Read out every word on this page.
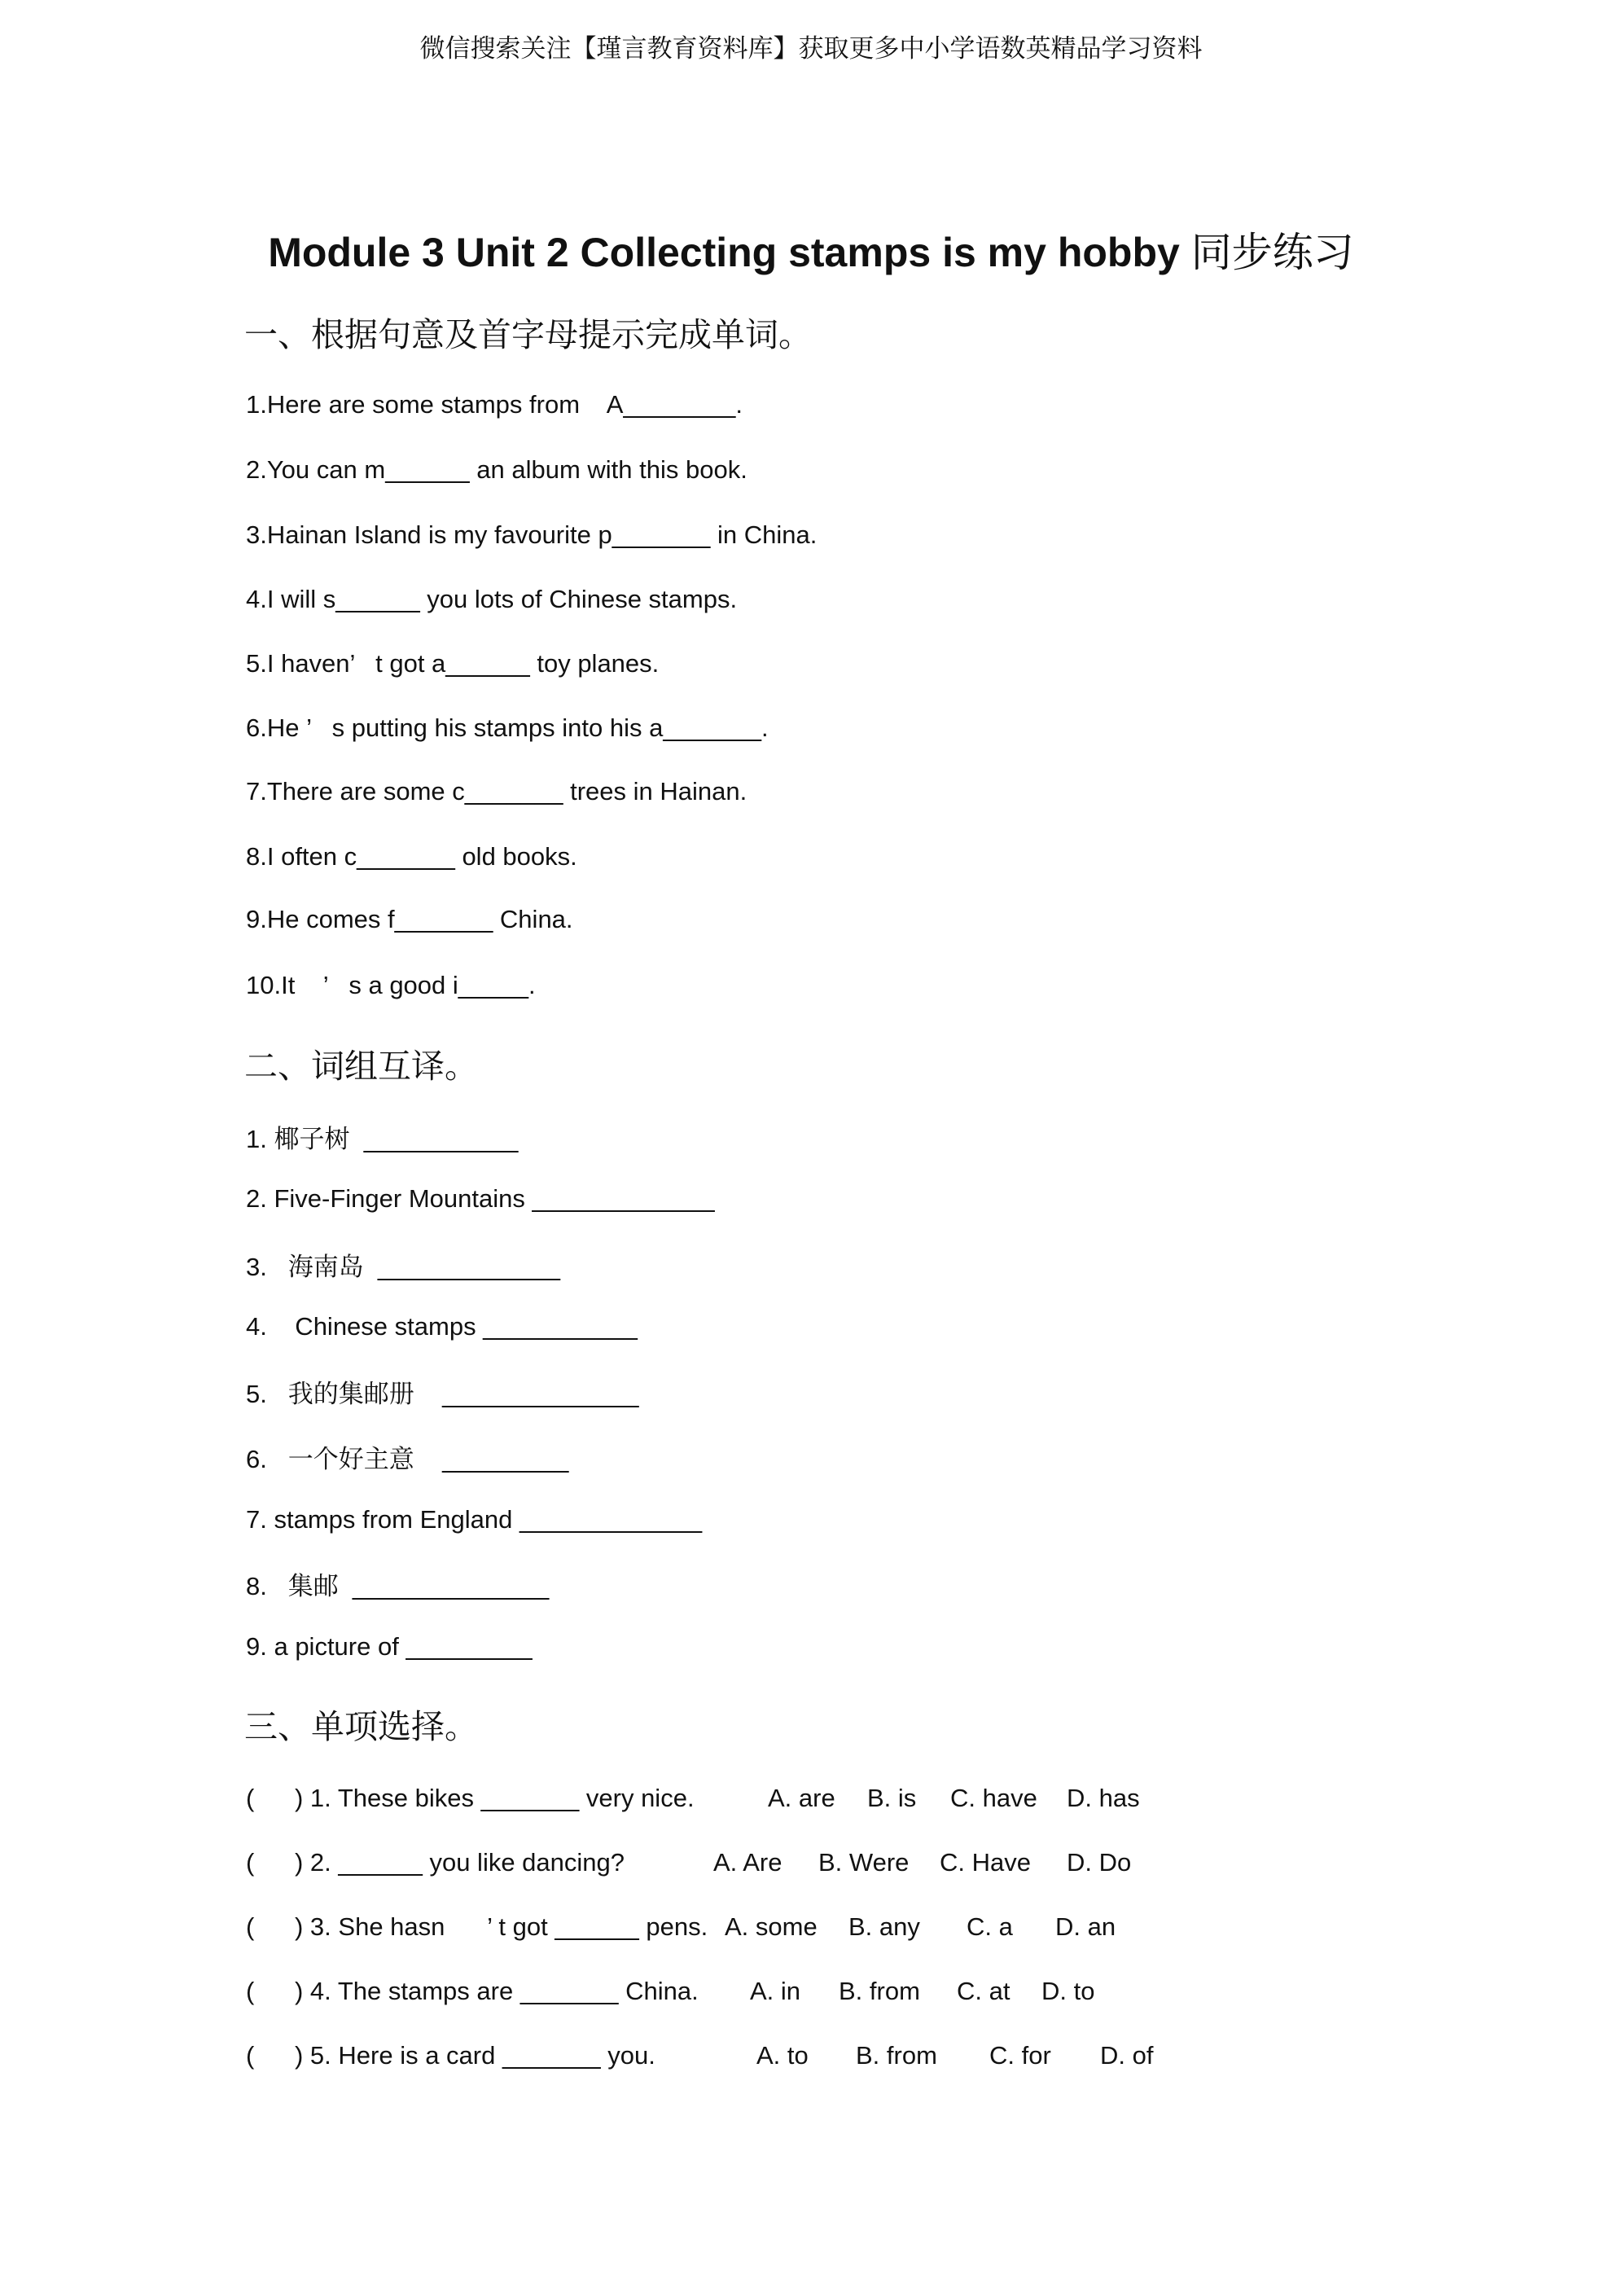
微信搜索关注【瑾言教育资料库】获取更多中小学语数英精品学习资料
Module 3 Unit 2 Collecting stamps is my hobby 同步练习
一、根据句意及首字母提示完成单词。
1.Here are some stamps from    A________.
2.You can m______ an album with this book.
3.Hainan Island is my favourite p_______ in China.
4.I will s______ you lots of Chinese stamps.
5.I haven’   t got a______ toy planes.
6.He ’   s putting his stamps into his a_______.
7.There are some c_______ trees in Hainan.
8.I often c_______ old books.
9.He comes f_______ China.
10.It    ’   s a good i_____.
二、词组互译。
1. 椰子树  ___________
2. Five-Finger Mountains _____________
3.   海南岛  _____________
4.    Chinese stamps ___________
5.   我的集邮册    ______________
6.   一个好主意    _________
7. stamps from England _____________
8.   集邮  ______________
9. a picture of _________
三、单项选择。

(

) 1. These bikes _______ very nice.

	A. are

B. is

C. have

D. has

(

) 2. ______ you like dancing?

	A. Are

B. Were

C. Have

D. Do

(

) 3. She hasn      ’ t got ______ pens.

A. some

B. any

C. a

D. an

(

) 4. The stamps are _______ China.

A. in

B. from

C. at

D. to

(

) 5. Here is a card _______ you.

	A. to

B. from

C. for

D. of
